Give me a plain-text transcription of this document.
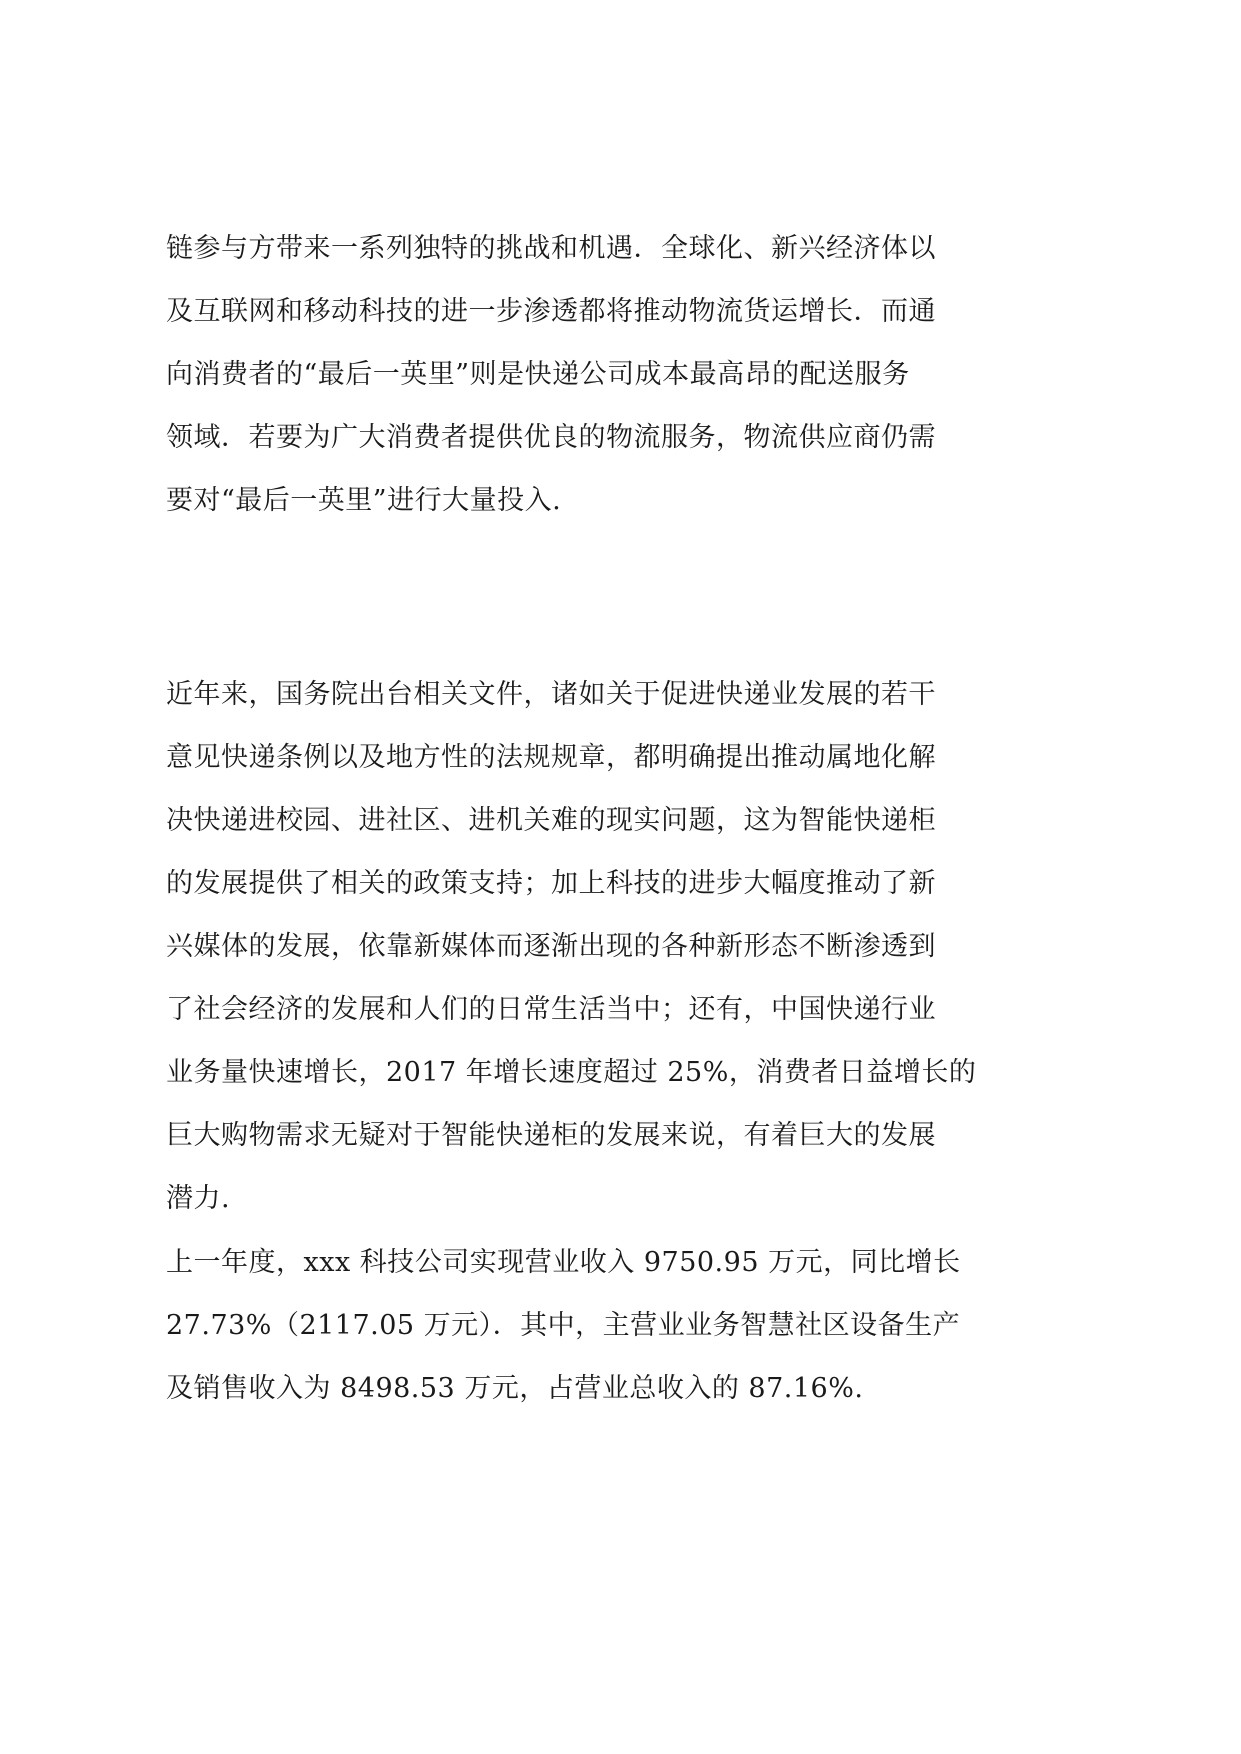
链参与方带来一系列独特的挑战和机遇．全球化、新兴经济体以
及互联网和移动科技的进一步渗透都将推动物流货运增长．而通
向消费者的“最后一英里”则是快递公司成本最高昂的配送服务
领域．若要为广大消费者提供优良的物流服务，物流供应商仍需
要对“最后一英里”进行大量投入.

近年来，国务院出台相关文件，诸如关于促进快递业发展的若干
意见快递条例以及地方性的法规规章，都明确提出推动属地化解
决快递进校园、进社区、进机关难的现实问题，这为智能快递柜
的发展提供了相关的政策支持；加上科技的进步大幅度推动了新
兴媒体的发展，依靠新媒体而逐渐出现的各种新形态不断渗透到
了社会经济的发展和人们的日常生活当中；还有，中国快递行业
业务量快速增长，2017 年增长速度超过 25%，消费者日益增长的
巨大购物需求无疑对于智能快递柜的发展来说，有着巨大的发展
潜力.

上一年度，xxx 科技公司实现营业收入 9750.95 万元，同比增长
27.73%（2117.05 万元）．其中，主营业业务智慧社区设备生产
及销售收入为 8498.53 万元，占营业总收入的 87.16%.
